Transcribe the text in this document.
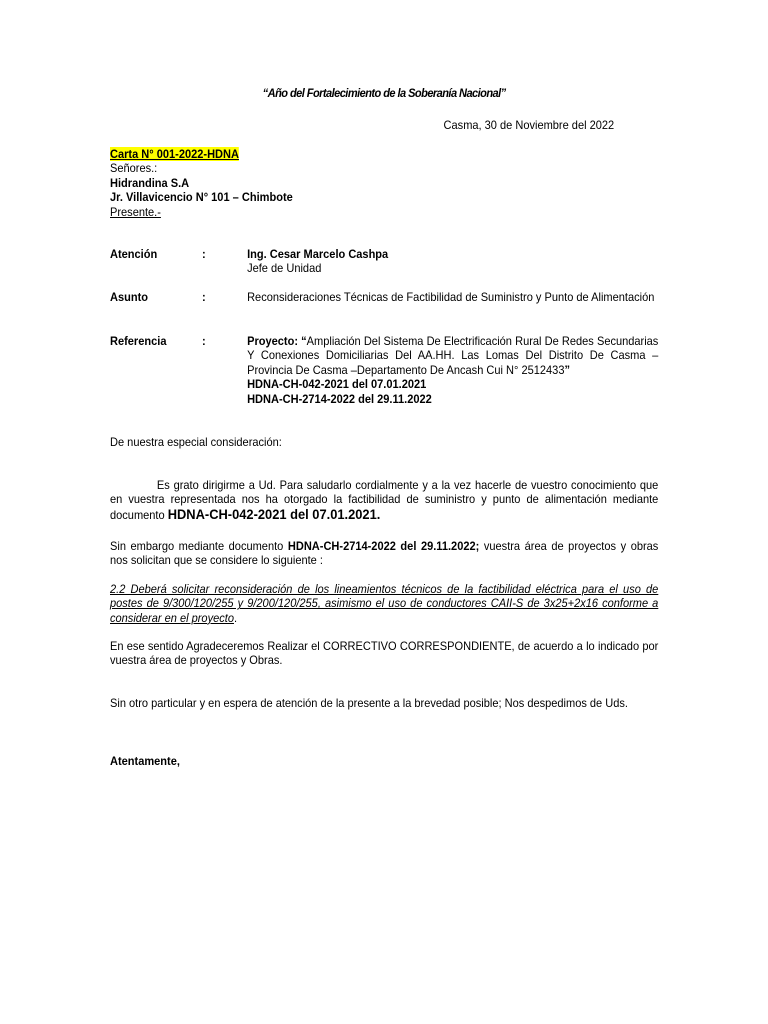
“Año del Fortalecimiento de la Soberanía Nacional”
Casma, 30 de Noviembre del 2022
Carta N° 001-2022-HDNA
Señores.:
Hidrandina S.A
Jr. Villavicencio N° 101 – Chimbote
Presente.-
Atención	:	Ing. Cesar Marcelo Cashpa
Jefe de Unidad
Asunto	:	Reconsideraciones Técnicas de Factibilidad de Suministro y Punto de Alimentación
Referencia	:	Proyecto: “Ampliación Del Sistema De Electrificación Rural De Redes Secundarias Y Conexiones Domiciliarias Del AA.HH. Las Lomas Del Distrito De Casma – Provincia De Casma –Departamento De Ancash Cui N° 2512433”
HDNA-CH-042-2021 del 07.01.2021
HDNA-CH-2714-2022 del 29.11.2022
De nuestra especial consideración:
Es grato dirigirme a Ud. Para saludarlo cordialmente y a la vez hacerle de vuestro conocimiento que en vuestra representada nos ha otorgado la factibilidad de suministro y punto de alimentación mediante documento HDNA-CH-042-2021 del 07.01.2021.
Sin embargo mediante documento HDNA-CH-2714-2022 del 29.11.2022; vuestra área de proyectos y obras nos solicitan que se considere lo siguiente :
2.2 Deberá solicitar reconsideración de los lineamientos técnicos de la factibilidad eléctrica para el uso de postes de 9/300/120/255 y 9/200/120/255, asimismo el uso de conductores CAII-S de 3x25+2x16 conforme a considerar en el proyecto.
En ese sentido Agradeceremos Realizar el CORRECTIVO CORRESPONDIENTE, de acuerdo a lo indicado por vuestra área de proyectos y Obras.
Sin otro particular y en espera de atención de la presente a la brevedad posible; Nos despedimos de Uds.
Atentamente,
